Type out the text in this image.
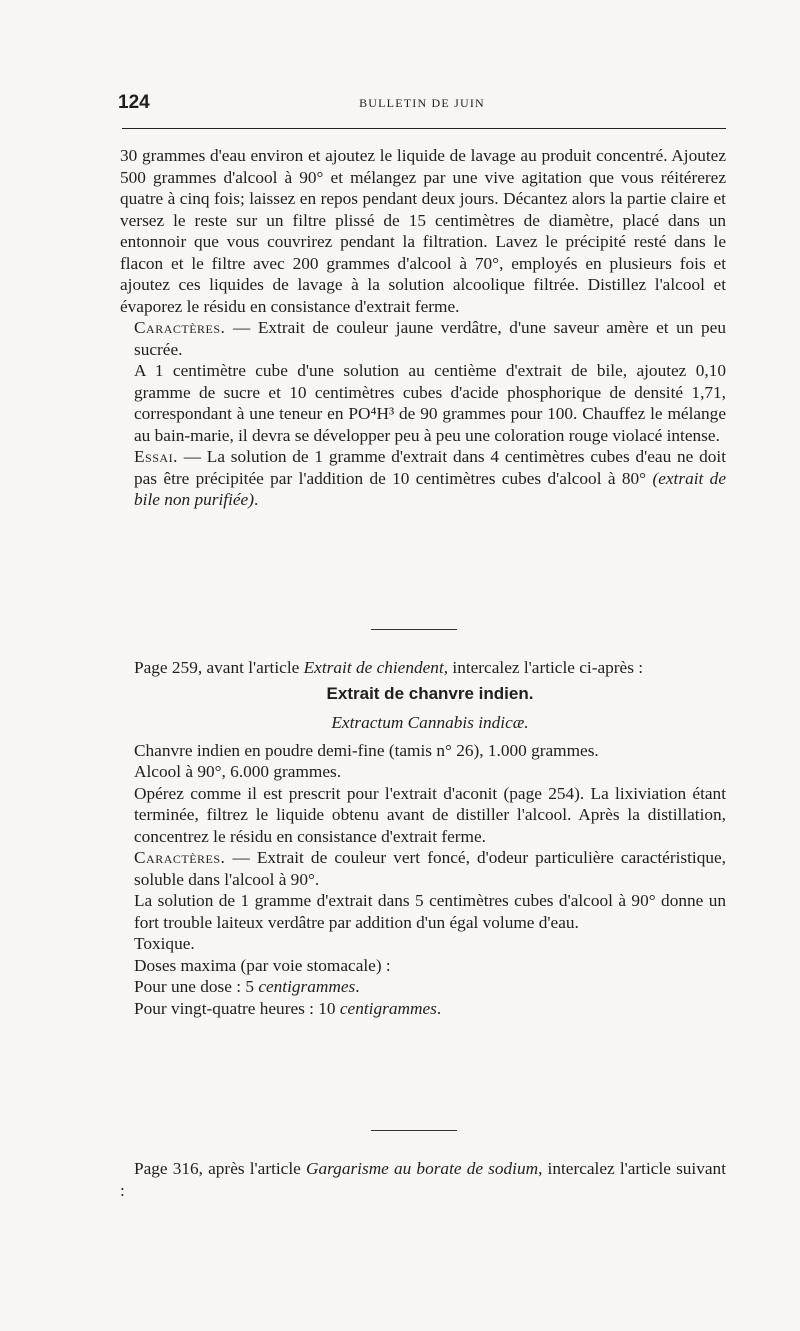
124	BULLETIN DE JUIN

30 grammes d'eau environ et ajoutez le liquide de lavage au produit concentré. Ajoutez 500 grammes d'alcool à 90° et mélangez par une vive agitation que vous réitérerez quatre à cinq fois; laissez en repos pendant deux jours. Décantez alors la partie claire et versez le reste sur un filtre plissé de 15 centimètres de diamètre, placé dans un entonnoir que vous couvrirez pendant la filtration. Lavez le précipité resté dans le flacon et le filtre avec 200 grammes d'alcool à 70°, employés en plusieurs fois et ajoutez ces liquides de lavage à la solution alcoolique filtrée. Distillez l'alcool et évaporez le résidu en consistance d'extrait ferme.

Caractères. — Extrait de couleur jaune verdâtre, d'une saveur amère et un peu sucrée.

A 1 centimètre cube d'une solution au centième d'extrait de bile, ajoutez 0,10 gramme de sucre et 10 centimètres cubes d'acide phosphorique de densité 1,71, correspondant à une teneur en PO⁴H³ de 90 grammes pour 100. Chauffez le mélange au bain-marie, il devra se développer peu à peu une coloration rouge violacé intense.

Essai. — La solution de 1 gramme d'extrait dans 4 centimètres cubes d'eau ne doit pas être précipitée par l'addition de 10 centimètres cubes d'alcool à 80° (extrait de bile non purifiée).

Page 259, avant l'article Extrait de chiendent, intercalez l'article ci-après :

Extrait de chanvre indien.
Extractum Cannabis indicæ.

Chanvre indien en poudre demi-fine (tamis n° 26), 1.000 grammes.

Alcool à 90°, 6.000 grammes.

Opérez comme il est prescrit pour l'extrait d'aconit (page 254). La lixiviation étant terminée, filtrez le liquide obtenu avant de distiller l'alcool. Après la distillation, concentrez le résidu en consistance d'extrait ferme.

Caractères. — Extrait de couleur vert foncé, d'odeur particulière caractéristique, soluble dans l'alcool à 90°.

La solution de 1 gramme d'extrait dans 5 centimètres cubes d'alcool à 90° donne un fort trouble laiteux verdâtre par addition d'un égal volume d'eau.

Toxique.

Doses maxima (par voie stomacale) :

Pour une dose : 5 centigrammes.

Pour vingt-quatre heures : 10 centigrammes.

Page 316, après l'article Gargarisme au borate de sodium, intercalez l'article suivant :
